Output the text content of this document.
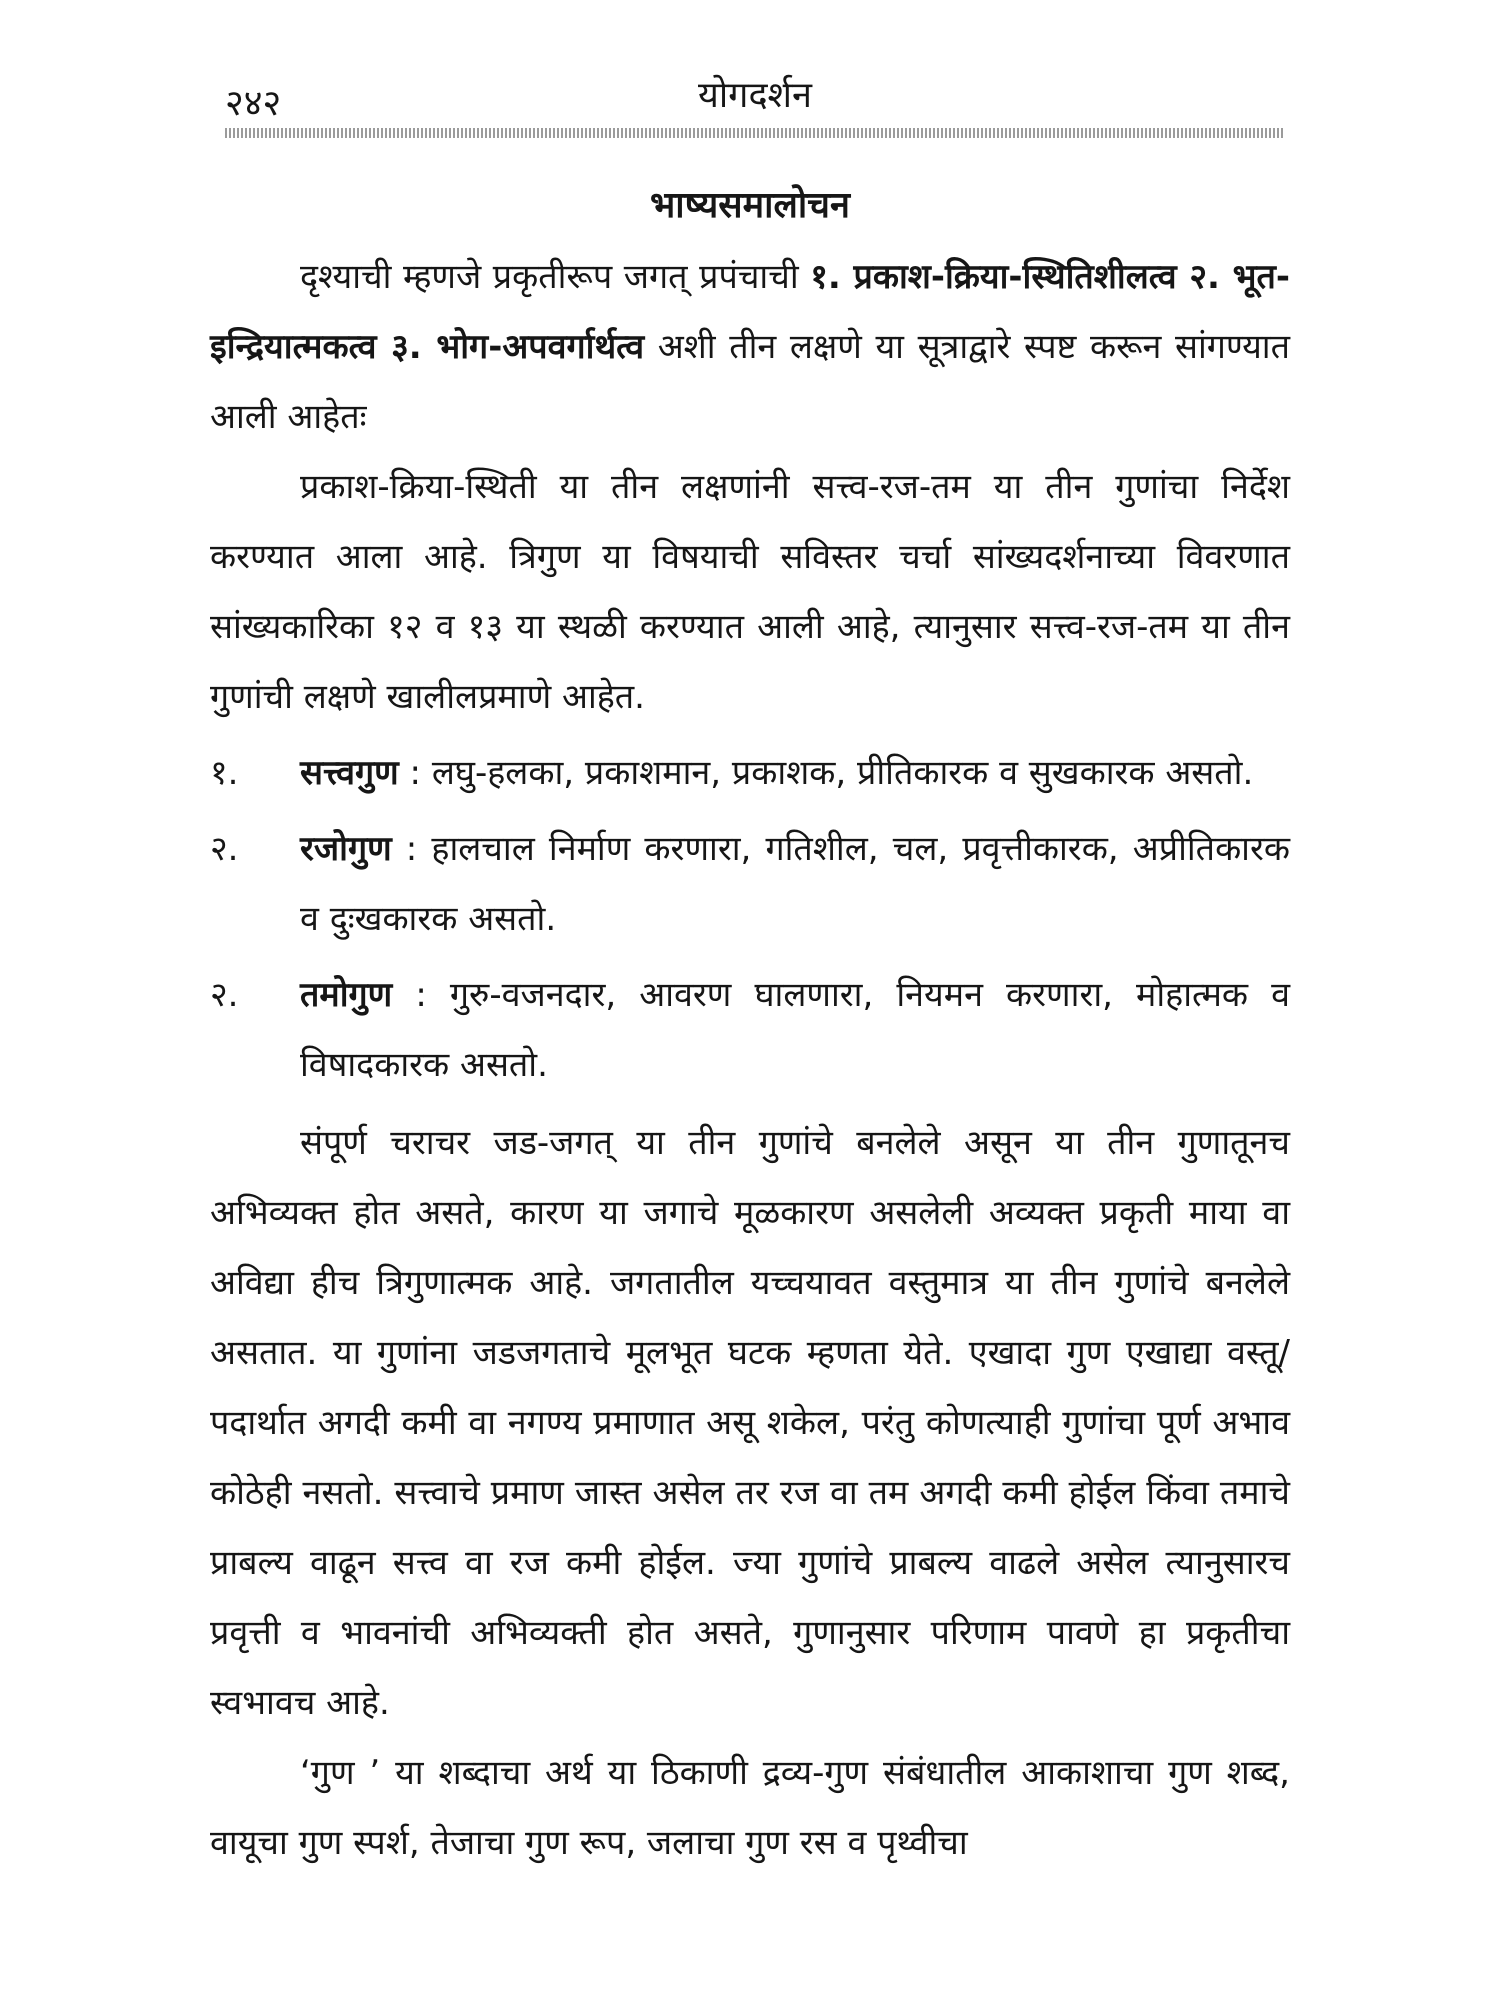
२४२	योगदर्शन
भाष्यसमालोचन

दृश्याची म्हणजे प्रकृतीरूप जगत् प्रपंचाची १. प्रकाश-क्रिया-स्थितिशीलत्व २. भूत-इन्द्रियात्मकत्व ३. भोग-अपवर्गार्थत्व अशी तीन लक्षणे या सूत्राद्वारे स्पष्ट करून सांगण्यात आली आहेतः

प्रकाश-क्रिया-स्थिती या तीन लक्षणांनी सत्त्व-रज-तम या तीन गुणांचा निर्देश करण्यात आला आहे. त्रिगुण या विषयाची सविस्तर चर्चा सांख्यदर्शनाच्या विवरणात सांख्यकारिका १२ व १३ या स्थळी करण्यात आली आहे, त्यानुसार सत्त्व-रज-तम या तीन गुणांची लक्षणे खालीलप्रमाणे आहेत.

१.	सत्त्वगुण : लघु-हलका, प्रकाशमान, प्रकाशक, प्रीतिकारक व सुखकारक असतो.
२.	रजोगुण : हालचाल निर्माण करणारा, गतिशील, चल, प्रवृत्तीकारक, अप्रीतिकारक व दुःखकारक असतो.
२.	तमोगुण : गुरु-वजनदार, आवरण घालणारा, नियमन करणारा, मोहात्मक व विषादकारक असतो.

संपूर्ण चराचर जड-जगत् या तीन गुणांचे बनलेले असून या तीन गुणातूनच अभिव्यक्त होत असते, कारण या जगाचे मूळकारण असलेली अव्यक्त प्रकृती माया वा अविद्या हीच त्रिगुणात्मक आहे. जगतातील यच्चयावत वस्तुमात्र या तीन गुणांचे बनलेले असतात. या गुणांना जडजगताचे मूलभूत घटक म्हणता येते. एखादा गुण एखाद्या वस्तू/पदार्थात अगदी कमी वा नगण्य प्रमाणात असू शकेल, परंतु कोणत्याही गुणांचा पूर्ण अभाव कोठेही नसतो. सत्त्वाचे प्रमाण जास्त असेल तर रज वा तम अगदी कमी होईल किंवा तमाचे प्राबल्य वाढून सत्त्व वा रज कमी होईल. ज्या गुणांचे प्राबल्य वाढले असेल त्यानुसारच प्रवृत्ती व भावनांची अभिव्यक्ती होत असते, गुणानुसार परिणाम पावणे हा प्रकृतीचा स्वभावच आहे.

‘गुण ’ या शब्दाचा अर्थ या ठिकाणी द्रव्य-गुण संबंधातील आकाशाचा गुण शब्द, वायूचा गुण स्पर्श, तेजाचा गुण रूप, जलाचा गुण रस व पृथ्वीचा
